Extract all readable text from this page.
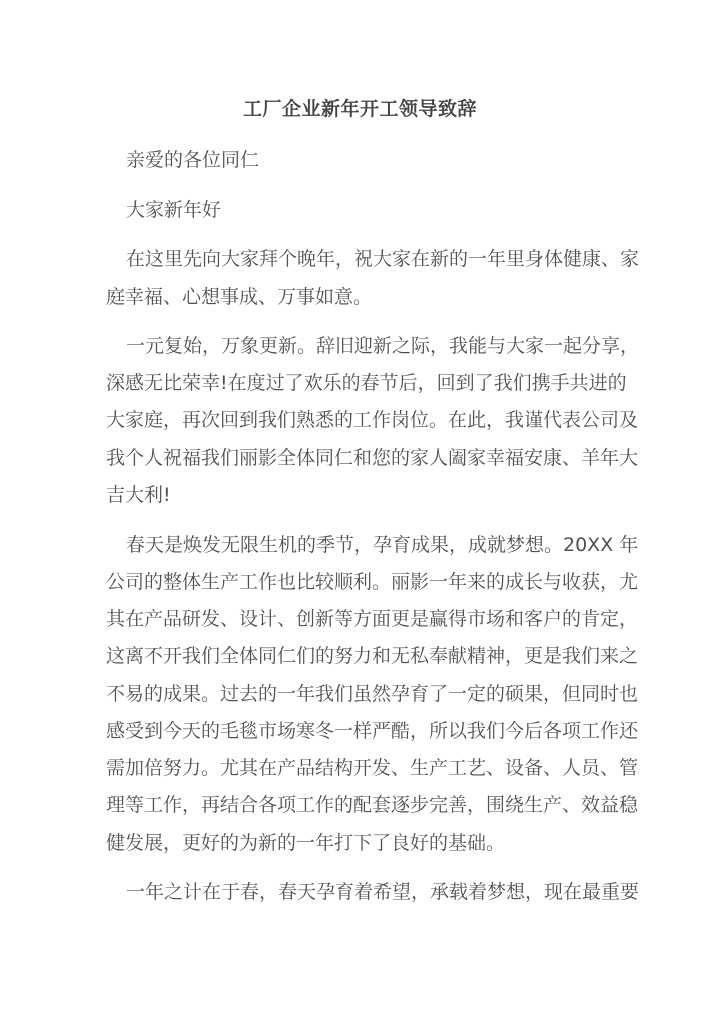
工厂企业新年开工领导致辞
亲爱的各位同仁
大家新年好
在这里先向大家拜个晚年，祝大家在新的一年里身体健康、家
庭幸福、心想事成、万事如意。
一元复始，万象更新。辞旧迎新之际，我能与大家一起分享，
深感无比荣幸!在度过了欢乐的春节后，回到了我们携手共进的
大家庭，再次回到我们熟悉的工作岗位。在此，我谨代表公司及
我个人祝福我们丽影全体同仁和您的家人阖家幸福安康、羊年大
吉大利!
春天是焕发无限生机的季节，孕育成果，成就梦想。20XX 年
公司的整体生产工作也比较顺利。丽影一年来的成长与收获，尤
其在产品研发、设计、创新等方面更是赢得市场和客户的肯定，
这离不开我们全体同仁们的努力和无私奉献精神，更是我们来之
不易的成果。过去的一年我们虽然孕育了一定的硕果，但同时也
感受到今天的毛毯市场寒冬一样严酷，所以我们今后各项工作还
需加倍努力。尤其在产品结构开发、生产工艺、设备、人员、管
理等工作，再结合各项工作的配套逐步完善，围绕生产、效益稳
健发展，更好的为新的一年打下了良好的基础。
一年之计在于春，春天孕育着希望，承载着梦想，现在最重要
